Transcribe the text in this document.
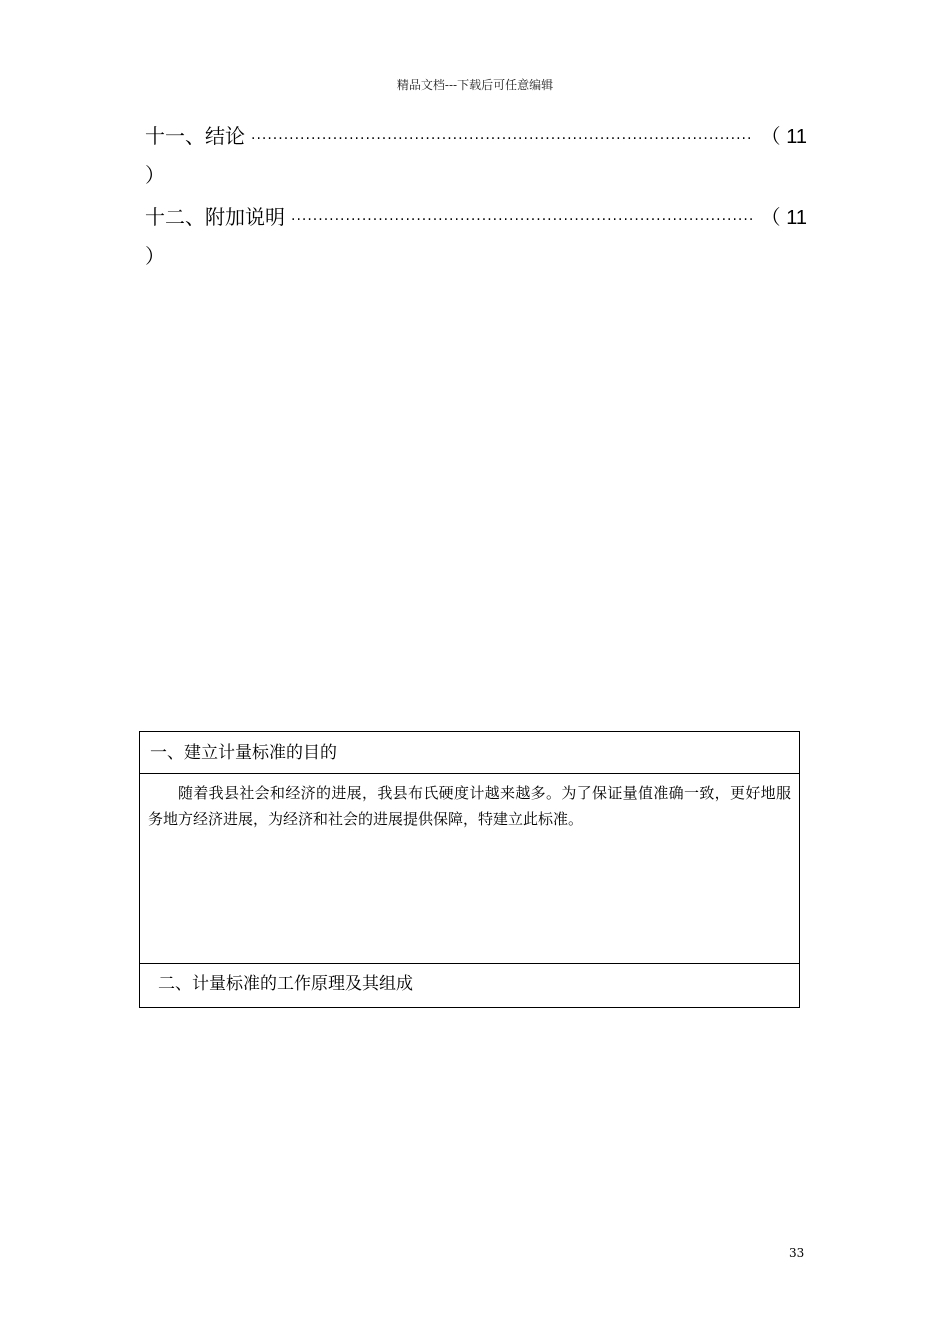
精品文档---下载后可任意编辑
十一、结论 ·····	（ 11
）
十二、附加说明 ·····	（ 11
）
一、建立计量标准的目的
随着我县社会和经济的进展，我县布氏硬度计越来越多。为了保证量值准确一致，更好地服务地方经济进展，为经济和社会的进展提供保障，特建立此标准。
二、计量标准的工作原理及其组成
33
